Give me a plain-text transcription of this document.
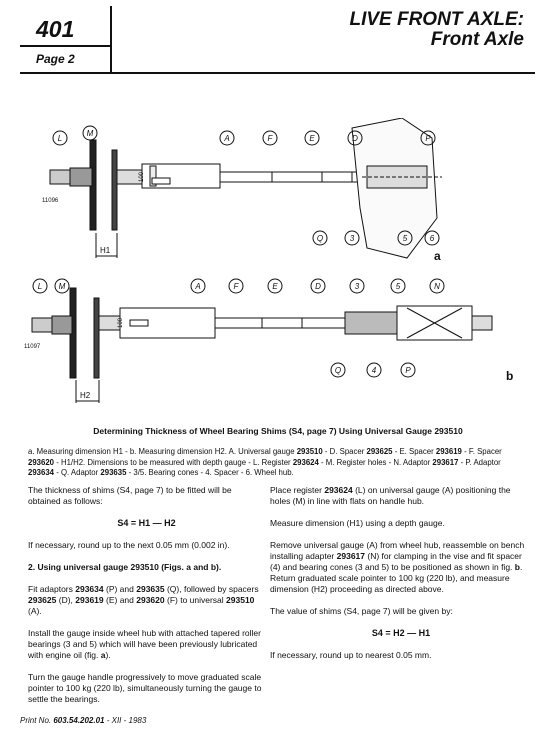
401
Page 2
LIVE FRONT AXLE:
Front Axle
L
M
A	F	E	D	P
Q	3	5	6
L M	A	F	E	D	3	5	N
Q	4	P
11096
11097
H1
H2
100
100
a
b
Determining Thickness of Wheel Bearing Shims (S4, page 7) Using Universal Gauge 293510
a. Measuring dimension H1 - b. Measuring dimension H2. A. Universal gauge 293510 - D. Spacer 293625 - E. Spacer 293619 - F. Spacer 293620 - H1/H2. Dimensions to be measured with depth gauge - L. Register 293624 - M. Register holes - N. Adaptor 293617 - P. Adaptor 293634 - Q. Adaptor 293635 - 3/5. Bearing cones - 4. Spacer - 6. Wheel hub.

The thickness of shims (S4, page 7) to be fitted will be obtained as follows:

S4 = H1 — H2

If necessary, round up to the next 0.05 mm (0.002 in).

2. Using universal gauge 293510 (Figs. a and b).

Fit adaptors 293634 (P) and 293635 (Q), followed by spacers 293625 (D), 293619 (E) and 293620 (F) to universal 293510 (A).

Install the gauge inside wheel hub with attached tapered roller bearings (3 and 5) which will have been previously lubricated with engine oil (fig. a).

Turn the gauge handle progressively to move graduated scale pointer to 100 kg (220 lb), simultaneously turning the gauge to settle the bearings.

Place register 293624 (L) on universal gauge (A) positioning the holes (M) in line with flats on handle hub.

Measure dimension (H1) using a depth gauge.

Remove universal gauge (A) from wheel hub, reassemble on bench installing adapter 293617 (N) for clamping in the vise and fit spacer (4) and bearing cones (3 and 5) to be positioned as shown in fig. b. Return graduated scale pointer to 100 kg (220 lb), and measure dimension (H2) proceeding as directed above.

The value of shims (S4, page 7) will be given by:

S4 = H2 — H1

If necessary, round up to nearest 0.05 mm.

Print No. 603.54.202.01 - XII - 1983
